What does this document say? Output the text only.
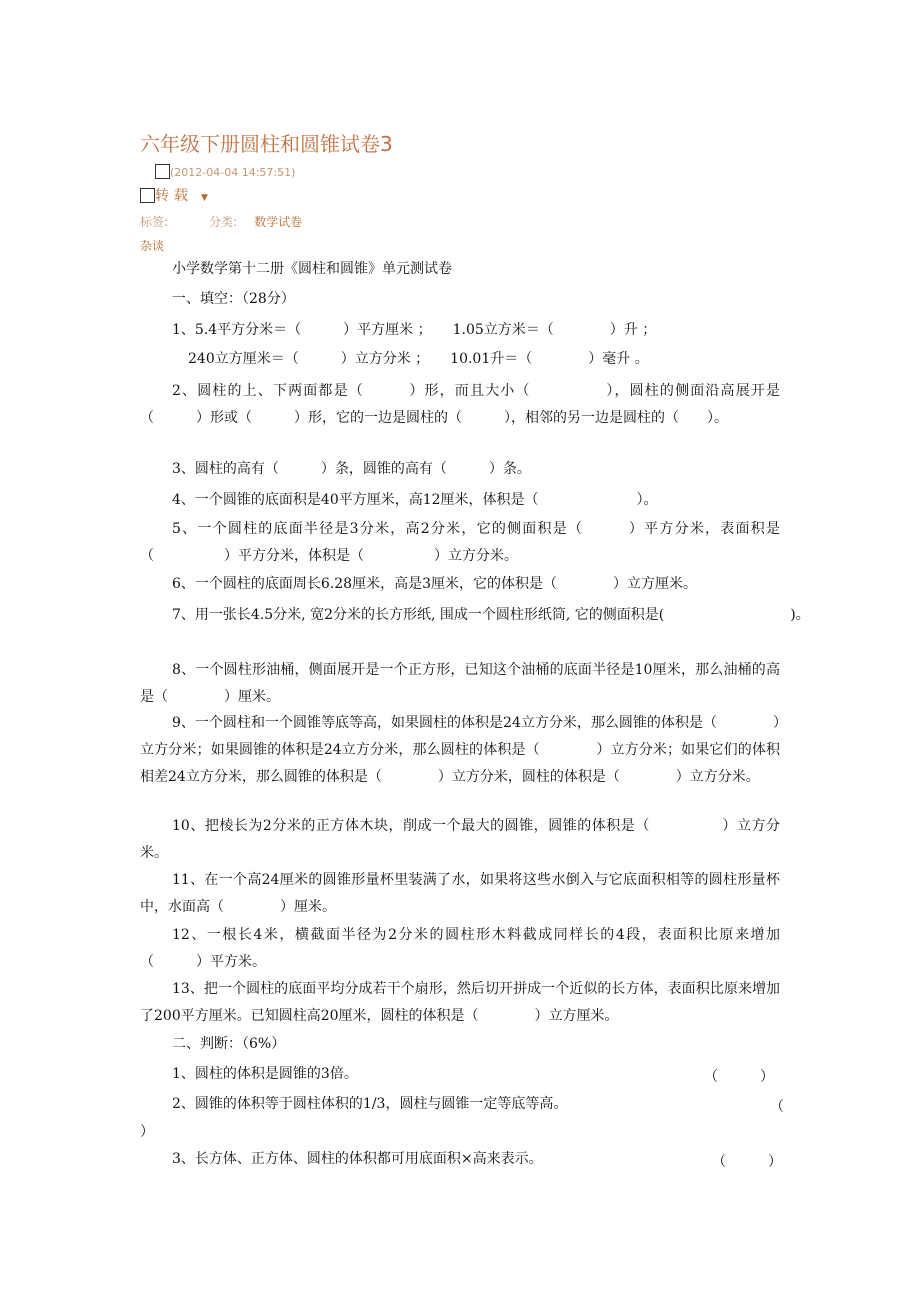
六年级下册圆柱和圆锥试卷3
(2012-04-04 14:57:51)
转载 ▼
标签:	分类: 数学试卷
杂谈
小学数学第十二册《圆柱和圆锥》单元测试卷
一、填空：（28分）
1、5.4平方分米＝（　　　）平方厘米 ；　　1.05立方米＝（　　　　）升 ；
240立方厘米＝（　　　）立方分米 ；　　10.01升＝（　　　　）毫升 。
2、圆柱的上、下两面都是（　　　）形，而且大小（　　　　　），圆柱的侧面沿高展开是（　　　）形或（　　　）形，它的一边是圆柱的（　　　），相邻的另一边是圆柱的（　　）。
3、圆柱的高有（　　　）条，圆锥的高有（　　　）条。
4、一个圆锥的底面积是40平方厘米，高12厘米，体积是（　　　　　　　）。
5、一个圆柱的底面半径是3分米，高2分米，它的侧面积是（　　　）平方分米，表面积是（　　　　　）平方分米，体积是（　　　　　）立方分米。
6、一个圆柱的底面周长6.28厘米，高是3厘米，它的体积是（　　　　）立方厘米。
7、用一张长4.5分米, 宽2分米的长方形纸, 围成一个圆柱形纸筒, 它的侧面积是(　　　　　　　　　)。
8、一个圆柱形油桶，侧面展开是一个正方形，已知这个油桶的底面半径是10厘米，那么油桶的高是（　　　　）厘米。
9、一个圆柱和一个圆锥等底等高，如果圆柱的体积是24立方分米，那么圆锥的体积是（　　　　）立方分米；如果圆锥的体积是24立方分米，那么圆柱的体积是（　　　　）立方分米；如果它们的体积相差24立方分米，那么圆锥的体积是（　　　　）立方分米，圆柱的体积是（　　　　）立方分米。
10、把棱长为2分米的正方体木块，削成一个最大的圆锥，圆锥的体积是（　　　　　）立方分米。
11、在一个高24厘米的圆锥形量杯里装满了水，如果将这些水倒入与它底面积相等的圆柱形量杯中，水面高（　　　　）厘米。
12、一根长4米，横截面半径为2分米的圆柱形木料截成同样长的4段，表面积比原来增加（　　　）平方米。
13、把一个圆柱的底面平均分成若干个扇形，然后切开拼成一个近似的长方体，表面积比原来增加了200平方厘米。已知圆柱高20厘米，圆柱的体积是（　　　　）立方厘米。
二、判断：（6%）
1、圆柱的体积是圆锥的3倍。	（　　　）
2、圆锥的体积等于圆柱体积的1/3，圆柱与圆锥一定等底等高。	（
）
3、长方体、正方体、圆柱的体积都可用底面积×高来表示。	（　　　）
